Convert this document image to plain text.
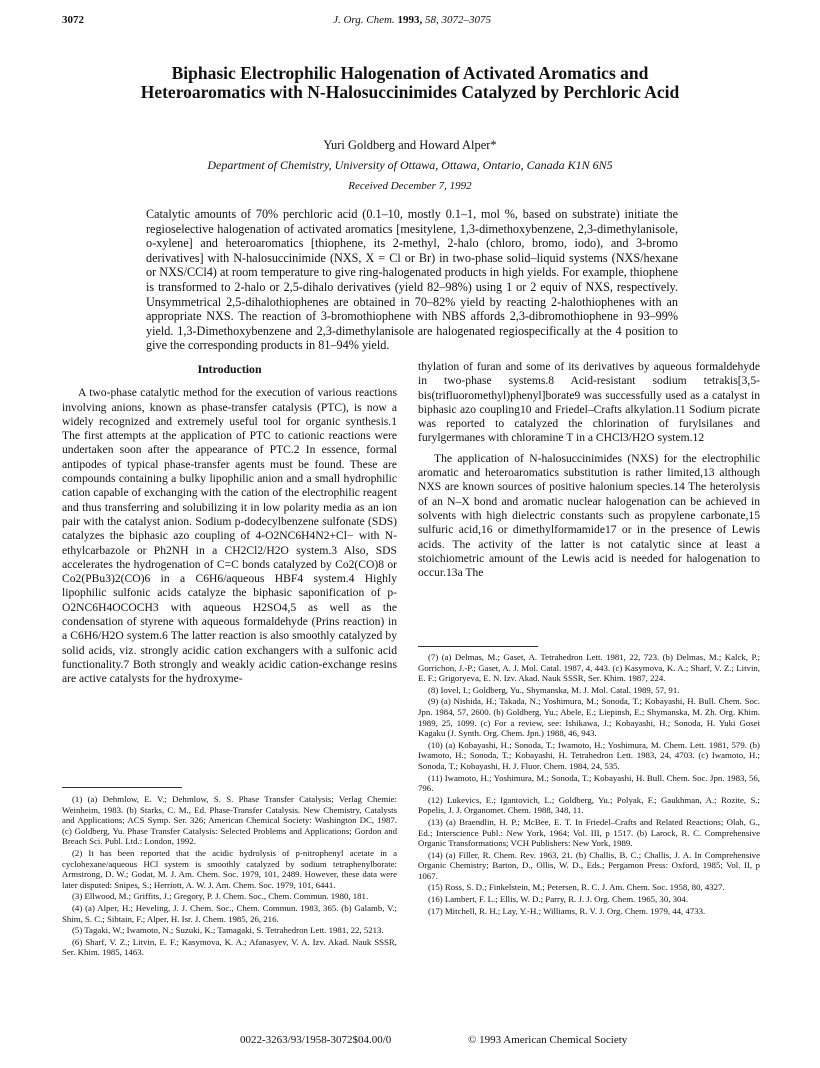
3072	J. Org. Chem. 1993, 58, 3072–3075
Biphasic Electrophilic Halogenation of Activated Aromatics and Heteroaromatics with N-Halosuccinimides Catalyzed by Perchloric Acid
Yuri Goldberg and Howard Alper*
Department of Chemistry, University of Ottawa, Ottawa, Ontario, Canada K1N 6N5
Received December 7, 1992

Catalytic amounts of 70% perchloric acid (0.1–10, mostly 0.1–1, mol %, based on substrate) initiate the regioselective halogenation of activated aromatics [mesitylene, 1,3-dimethoxybenzene, 2,3-dimethylanisole, o-xylene] and heteroaromatics [thiophene, its 2-methyl, 2-halo (chloro, bromo, iodo), and 3-bromo derivatives] with N-halosuccinimide (NXS, X = Cl or Br) in two-phase solid–liquid systems (NXS/hexane or NXS/CCl4) at room temperature to give ring-halogenated products in high yields. For example, thiophene is transformed to 2-halo or 2,5-dihalo derivatives (yield 82–98%) using 1 or 2 equiv of NXS, respectively. Unsymmetrical 2,5-dihalothiophenes are obtained in 70–82% yield by reacting 2-halothiophenes with an appropriate NXS. The reaction of 3-bromothiophene with NBS affords 2,3-dibromothiophene in 93–99% yield. 1,3-Dimethoxybenzene and 2,3-dimethylanisole are halogenated regiospecifically at the 4 position to give the corresponding products in 81–94% yield.

Introduction

A two-phase catalytic method for the execution of various reactions involving anions, known as phase-transfer catalysis (PTC), is now a widely recognized and extremely useful tool for organic synthesis.1 The first attempts at the application of PTC to cationic reactions were undertaken soon after the appearance of PTC.2 In essence, formal antipodes of typical phase-transfer agents must be found. These are compounds containing a bulky lipophilic anion and a small hydrophilic cation capable of exchanging with the cation of the electrophilic reagent and thus transferring and solubilizing it in low polarity media as an ion pair with the catalyst anion. Sodium p-dodecylbenzene sulfonate (SDS) catalyzes the biphasic azo coupling of 4-O2NC6H4N2+Cl− with N-ethylcarbazole or Ph2NH in a CH2Cl2/H2O system.3 Also, SDS accelerates the hydrogenation of C=C bonds catalyzed by Co2(CO)8 or Co2(PBu3)2(CO)6 in a C6H6/aqueous HBF4 system.4 Highly lipophilic sulfonic acids catalyze the biphasic saponification of p-O2NC6H4OCOCH3 with aqueous H2SO4,5 as well as the condensation of styrene with aqueous formaldehyde (Prins reaction) in a C6H6/H2O system.6 The latter reaction is also smoothly catalyzed by solid acids, viz. strongly acidic cation exchangers with a sulfonic acid functionality.7 Both strongly and weakly acidic cation-exchange resins are active catalysts for the hydroxyme-

thylation of furan and some of its derivatives by aqueous formaldehyde in two-phase systems.8 Acid-resistant sodium tetrakis[3,5-bis(trifluoromethyl)phenyl]borate9 was successfully used as a catalyst in biphasic azo coupling10 and Friedel–Crafts alkylation.11 Sodium picrate was reported to catalyzed the chlorination of furylsilanes and furylgermanes with chloramine T in a CHCl3/H2O system.12

The application of N-halosuccinimides (NXS) for the electrophilic aromatic and heteroaromatics substitution is rather limited,13 although NXS are known sources of positive halonium species.14 The heterolysis of an N–X bond and aromatic nuclear halogenation can be achieved in solvents with high dielectric constants such as propylene carbonate,15 sulfuric acid,16 or dimethylformamide17 or in the presence of Lewis acids. The activity of the latter is not catalytic since at least a stoichiometric amount of the Lewis acid is needed for halogenation to occur.13a The

(1) (a) Dehmlow, E. V.; Dehmlow, S. S. Phase Transfer Catalysis; Verlag Chemie: Weinheim, 1983. (b) Starks, C. M., Ed. Phase-Transfer Catalysis. New Chemistry, Catalysts and Applications; ACS Symp. Ser. 326; American Chemical Society: Washington DC, 1987. (c) Goldberg, Yu. Phase Transfer Catalysis: Selected Problems and Applications; Gordon and Breach Sci. Publ. Ltd.: London, 1992.

(2) It has been reported that the acidic hydrolysis of p-nitrophenyl acetate in a cyclohexane/aqueous HCl system is smoothly catalyzed by sodium tetraphenylborate: Armstrong, D. W.; Godat, M. J. Am. Chem. Soc. 1979, 101, 2489. However, these data were later disputed: Snipes, S.; Herriott, A. W. J. Am. Chem. Soc. 1979, 101, 6441.

(3) Ellwood, M.; Griffits, J.; Gregory, P. J. Chem. Soc., Chem. Commun. 1980, 181.

(4) (a) Alper, H.; Heveling, J. J. Chem. Soc., Chem. Commun. 1983, 365. (b) Galamb, V.; Shim, S. C.; Sibtain, F.; Alper, H. Isr. J. Chem. 1985, 26, 216.

(5) Tagaki, W.; Iwamoto, N.; Suzuki, K.; Tamagaki, S. Tetrahedron Lett. 1981, 22, 5213.

(6) Sharf, V. Z.; Litvin, E. F.; Kasymova, K. A.; Afanasyev, V. A. Izv. Akad. Nauk SSSR, Ser. Khim. 1985, 1463.

(7) (a) Delmas, M.; Gaset, A. Tetrahedron Lett. 1981, 22, 723. (b) Delmas, M.; Kalck, P.; Gorrichon, J.-P.; Gaset, A. J. Mol. Catal. 1987, 4, 443. (c) Kasymova, K. A.; Sharf, V. Z.; Litvin, E. F.; Grigoryeva, E. N. Izv. Akad. Nauk SSSR, Ser. Khim. 1987, 224.

(8) Iovel, I.; Goldberg, Yu., Shymanska, M. J. Mol. Catal. 1989, 57, 91.

(9) (a) Nishida, H.; Takada, N.; Yoshimura, M.; Sonoda, T.; Kobayashi, H. Bull. Chem. Soc. Jpn. 1984, 57, 2600. (b) Goldberg, Yu.; Abele, E.; Liepinsh, E.; Shymanska, M. Zh. Org. Khim. 1989, 25, 1099. (c) For a review, see: Ishikawa, J.; Kobayashi, H.; Sonoda, H. Yuki Gosei Kagaku (J. Synth. Org. Chem. Jpn.) 1988, 46, 943.

(10) (a) Kobayashi, H.; Sonoda, T.; Iwamoto, H.; Yoshimura, M. Chem. Lett. 1981, 579. (b) Iwamoto, H.; Sonoda, T.; Kobayashi, H. Tetrahedron Lett. 1983, 24, 4703. (c) Iwamoto, H.; Sonoda, T.; Kobayashi, H. J. Fluor. Chem. 1984, 24, 535.

(11) Iwamoto, H.; Yoshimura, M.; Sonoda, T.; Kobayashi, H. Bull. Chem. Soc. Jpn. 1983, 56, 796.

(12) Lukevics, E.; Igantovich, L.; Goldberg, Yu.; Polyak, F.; Gaukhman, A.; Rozite, S.; Popelis, J. J. Organomet. Chem. 1988, 348, 11.

(13) (a) Braendlin, H. P.; McBee, E. T. In Friedel–Crafts and Related Reactions; Olah, G., Ed.; Interscience Publ.: New York, 1964; Vol. III, p 1517. (b) Larock, R. C. Comprehensive Organic Transformations; VCH Publishers: New York, 1989.

(14) (a) Filler, R. Chem. Rev. 1963, 21. (b) Challis, B. C.; Challis, J. A. In Comprehensive Organic Chemistry; Barton, D., Ollis, W. D., Eds.; Pergamon Press: Oxford, 1985; Vol. II, p 1067.

(15) Ross, S. D.; Finkelstein, M.; Petersen, R. C. J. Am. Chem. Soc. 1958, 80, 4327.

(16) Lambert, F. L.; Ellis, W. D.; Parry, R. J. J. Org. Chem. 1965, 30, 304.

(17) Mitchell, R. H.; Lay, Y.-H.; Williams, R. V. J. Org. Chem. 1979, 44, 4733.

0022-3263/93/1958-3072$04.00/0	© 1993 American Chemical Society
